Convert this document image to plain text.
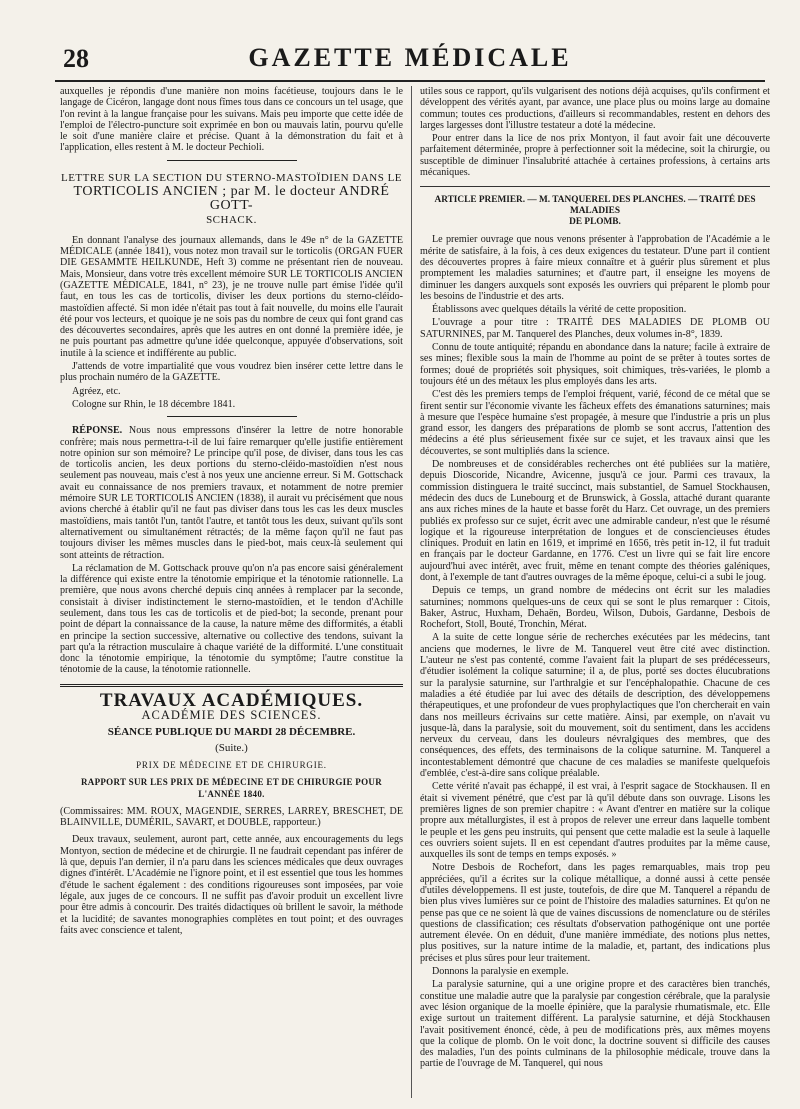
28	GAZETTE MÉDICALE

auxquelles je répondis d'une manière non moins facétieuse, toujours dans le le langage de Cicéron, langage dont nous fîmes tous dans ce concours un tel usage, que l'on revint à la langue française pour les suivans. Mais peu importe que cette idée de l'emploi de l'électro-puncture soit exprimée en bon ou mauvais latin, pourvu qu'elle le soit d'une manière claire et précise. Quant à la démonstration du fait et à l'application, elles restent à M. le docteur Pechioli.

LETTRE SUR LA SECTION DU STERNO-MASTOÏDIEN DANS LE
TORTICOLIS ANCIEN ; par M. le docteur ANDRÉ GOTT-
SCHACK.

En donnant l'analyse des journaux allemands, dans le 49e n° de la GAZETTE MÉDICALE (année 1841), vous notez mon travail sur le torticolis (ORGAN FUER DIE GESAMMTE HEILKUNDE, Heft 3) comme ne présentant rien de nouveau. Mais, Monsieur, dans votre très excellent mémoire SUR LE TORTICOLIS ANCIEN (GAZETTE MÉDICALE, 1841, n° 23), je ne trouve nulle part émise l'idée qu'il faut, en tous les cas de torticolis, diviser les deux portions du sterno-cléido-mastoïdien affecté. Si mon idée n'était pas tout à fait nouvelle, du moins elle l'aurait été pour vos lecteurs, et quoique je ne sois pas du nombre de ceux qui font grand cas des découvertes secondaires, après que les autres en ont donné la première idée, je ne puis pourtant pas admettre qu'une idée quelconque, appuyée d'observations, soit inutile à la science et indifférente au public.

J'attends de votre impartialité que vous voudrez bien insérer cette lettre dans le plus prochain numéro de la GAZETTE.

Agréez, etc.

Cologne sur Rhin, le 18 décembre 1841.

RÉPONSE. Nous nous empressons d'insérer la lettre de notre honorable confrère; mais nous permettra-t-il de lui faire remarquer qu'elle justifie entièrement notre opinion sur son mémoire? Le principe qu'il pose, de diviser, dans tous les cas de torticolis ancien, les deux portions du sterno-cléido-mastoïdien n'est nous seulement pas nouveau, mais c'est à nos yeux une ancienne erreur. Si M. Gottschack avait eu connaissance de nos premiers travaux, et notamment de notre premier mémoire SUR LE TORTICOLIS ANCIEN (1838), il aurait vu précisément que nous avions cherché à établir qu'il ne faut pas diviser dans tous les cas les deux muscles mastoïdiens, mais tantôt l'un, tantôt l'autre, et tantôt tous les deux, suivant qu'ils sont alternativement ou simultanément rétractés; de la même façon qu'il ne faut pas toujours diviser les mêmes muscles dans le pied-bot, mais ceux-là seulement qui sont atteints de rétraction.

La réclamation de M. Gottschack prouve qu'on n'a pas encore saisi généralement la différence qui existe entre la ténotomie empirique et la ténotomie rationnelle. La première, que nous avons cherché depuis cinq années à remplacer par la seconde, consistait à diviser indistinctement le sterno-mastoïdien, et le tendon d'Achille seulement, dans tous les cas de torticolis et de pied-bot; la seconde, prenant pour point de départ la connaissance de la cause, la nature même des difformités, a établi en principe la section successive, alternative ou collective des tendons, suivant la part qu'a la rétraction musculaire à chaque variété de la difformité. L'une constituait donc la ténotomie empirique, la ténotomie du symptôme; l'autre constitue la ténotomie de la cause, la ténotomie rationnelle.

TRAVAUX ACADÉMIQUES.
ACADÉMIE DES SCIENCES.
SÉANCE PUBLIQUE DU MARDI 28 DÉCEMBRE.
(Suite.)
PRIX DE MÉDECINE ET DE CHIRURGIE.
RAPPORT SUR LES PRIX DE MÉDECINE ET DE CHIRURGIE POUR L'ANNÉE 1840.

(Commissaires: MM. ROUX, MAGENDIE, SERRES, LARREY, BRESCHET, DE BLAINVILLE, DUMÉRIL, SAVART, et DOUBLE, rapporteur.)

Deux travaux, seulement, auront part, cette année, aux encouragements du legs Montyon, section de médecine et de chirurgie. Il ne faudrait cependant pas inférer de là que, depuis l'an dernier, il n'a paru dans les sciences médicales que deux ouvrages dignes d'intérêt. L'Académie ne l'ignore point, et il est essentiel que tous les hommes d'étude le sachent également : des conditions rigoureuses sont imposées, par voie légale, aux juges de ce concours. Il ne suffit pas d'avoir produit un excellent livre pour être admis à concourir. Des traités didactiques où brillent le savoir, la méthode et la lucidité; de savantes monographies complètes en tout point; et des ouvrages faits avec conscience et talent,

utiles sous ce rapport, qu'ils vulgarisent des notions déjà acquises, qu'ils confirment et développent des vérités ayant, par avance, une place plus ou moins large au domaine commun; toutes ces productions, d'ailleurs si recommandables, restent en dehors des larges largesses dont l'illustre testateur a doté la médecine.

Pour entrer dans la lice de nos prix Montyon, il faut avoir fait une découverte parfaitement déterminée, propre à perfectionner soit la médecine, soit la chirurgie, ou susceptible de diminuer l'insalubrité attachée à certaines professions, à certains arts mécaniques.

ARTICLE PREMIER. — M. TANQUEREL DES PLANCHES. — TRAITÉ DES MALADIES
DE PLOMB.

Le premier ouvrage que nous venons présenter à l'approbation de l'Académie a le mérite de satisfaire, à la fois, à ces deux exigences du testateur. D'une part il contient des découvertes propres à faire mieux connaître et à guérir plus sûrement et plus promptement les maladies saturnines; et d'autre part, il enseigne les moyens de diminuer les dangers auxquels sont exposés les ouvriers qui préparent le plomb pour les besoins de l'industrie et des arts.

Établissons avec quelques détails la vérité de cette proposition.

L'ouvrage a pour titre : TRAITÉ DES MALADIES DE PLOMB OU SATURNINES, par M. Tanquerel des Planches, deux volumes in-8°, 1839.

Connu de toute antiquité; répandu en abondance dans la nature; facile à extraire de ses mines; flexible sous la main de l'homme au point de se prêter à toutes sortes de formes; doué de propriétés soit physiques, soit chimiques, très-variées, le plomb a toujours été un des métaux les plus employés dans les arts.

C'est dès les premiers temps de l'emploi fréquent, varié, fécond de ce métal que se firent sentir sur l'économie vivante les fâcheux effets des émanations saturnines; mais à mesure que l'espèce humaine s'est propagée, à mesure que l'industrie a pris un plus grand essor, les dangers des préparations de plomb se sont accrus, l'attention des médecins a été plus sérieusement fixée sur ce sujet, et les travaux ainsi que les découvertes, se sont multipliés dans la science.

De nombreuses et de considérables recherches ont été publiées sur la matière, depuis Dioscoride, Nicandre, Avicenne, jusqu'à ce jour. Parmi ces travaux, la commission distinguera le traité succinct, mais substantiel, de Samuel Stockhausen, médecin des ducs de Lunebourg et de Brunswick, à Gossla, attaché durant quarante ans aux riches mines de la haute et basse forêt du Harz. Cet ouvrage, un des premiers publiés ex professo sur ce sujet, écrit avec une admirable candeur, n'est que le résumé logique et la rigoureuse interprétation de longues et de consciencieuses études cliniques. Produit en latin en 1619, et imprimé en 1656, très petit in-12, il fut traduit en français par le docteur Gardanne, en 1776. C'est un livre qui se fait lire encore aujourd'hui avec intérêt, avec fruit, même en tenant compte des théories galéniques, dont, à l'exemple de tant d'autres ouvrages de la même époque, celui-ci a subi le joug.

Depuis ce temps, un grand nombre de médecins ont écrit sur les maladies saturnines; nommons quelques-uns de ceux qui se sont le plus remarquer : Citois, Baker, Astruc, Huxham, Dehaën, Bordeu, Wilson, Dubois, Gardanne, Desbois de Rochefort, Stoll, Bouté, Tronchin, Mérat.

A la suite de cette longue série de recherches exécutées par les médecins, tant anciens que modernes, le livre de M. Tanquerel veut être cité avec distinction. L'auteur ne s'est pas contenté, comme l'avaient fait la plupart de ses prédécesseurs, d'étudier isolément la colique saturnine; il a, de plus, porté ses doctes élucubrations sur la paralysie saturnine, sur l'arthralgie et sur l'encéphalopathie. Chacune de ces maladies a été étudiée par lui avec des détails de description, des développemens thérapeutiques, et une profondeur de vues prophylactiques que l'on chercherait en vain dans nos meilleurs écrivains sur cette matière. Ainsi, par exemple, on n'avait vu jusque-là, dans la paralysie, soit du mouvement, soit du sentiment, dans les accidens nerveux du cerveau, dans les douleurs névralgiques des membres, que des conséquences, des effets, des terminaisons de la colique saturnine. M. Tanquerel a incontestablement démontré que chacune de ces maladies se manifeste quelquefois d'emblée, c'est-à-dire sans colique préalable.

Cette vérité n'avait pas échappé, il est vrai, à l'esprit sagace de Stockhausen. Il en était si vivement pénétré, que c'est par là qu'il débute dans son ouvrage. Lisons les premières lignes de son premier chapitre : « Avant d'entrer en matière sur la colique propre aux métallurgistes, il est à propos de relever une erreur dans laquelle tombent le peuple et les gens peu instruits, qui pensent que cette maladie est la seule à laquelle ces ouvriers soient sujets. Il en est cependant d'autres produites par la même cause, auxquelles ils sont de temps en temps exposés. »

Notre Desbois de Rochefort, dans les pages remarquables, mais trop peu appréciées, qu'il a écrites sur la colique métallique, a donné aussi à cette pensée d'utiles développemens. Il est juste, toutefois, de dire que M. Tanquerel a répandu de bien plus vives lumières sur ce point de l'histoire des maladies saturnines. Et qu'on ne pense pas que ce ne soient là que de vaines discussions de nomenclature ou de stériles questions de classification; ces résultats d'observation pathogénique ont une portée autrement élevée. On en déduit, d'une manière immédiate, des notions plus nettes, plus positives, sur la nature intime de la maladie, et, partant, des indications plus précises et plus sûres pour leur traitement.

Donnons la paralysie en exemple.

La paralysie saturnine, qui a une origine propre et des caractères bien tranchés, constitue une maladie autre que la paralysie par congestion cérébrale, que la paralysie avec lésion organique de la moelle épinière, que la paralysie rhumatismale, etc. Elle exige surtout un traitement différent. La paralysie saturnine, et déjà Stockhausen l'avait positivement énoncé, cède, à peu de modifications près, aux mêmes moyens que la colique de plomb. On le voit donc, la doctrine souvent si difficile des causes des maladies, l'un des points culminans de la philosophie médicale, trouve dans la partie de l'ouvrage de M. Tanquerel, qui nous
